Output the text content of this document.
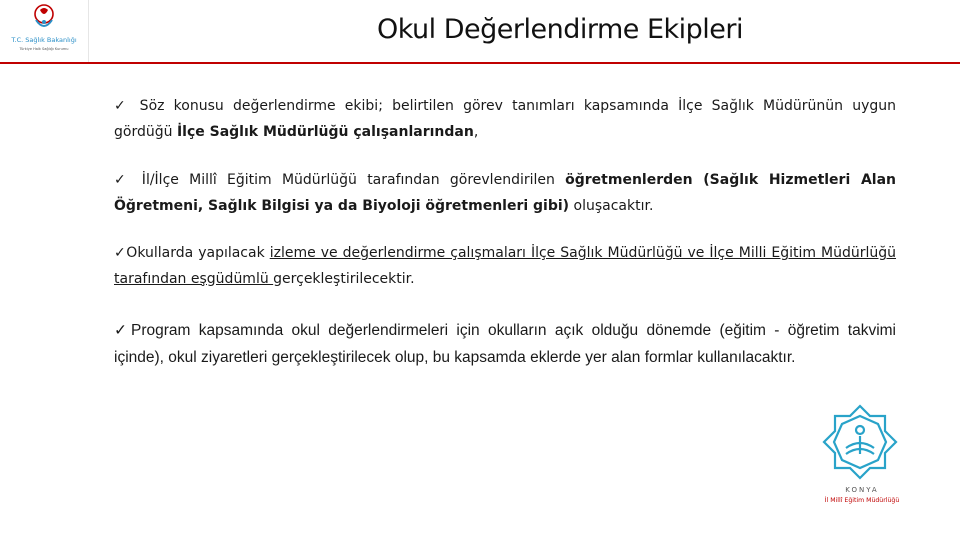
T.C. Sağlık Bakanlığı
Türkiye Halk Sağlığı Kurumu
Okul Değerlendirme Ekipleri
✓ Söz konusu değerlendirme ekibi; belirtilen görev tanımları kapsamında İlçe Sağlık Müdürünün uygun gördüğü İlçe Sağlık Müdürlüğü çalışanlarından,
✓ İl/İlçe Millî Eğitim Müdürlüğü tarafından görevlendirilen öğretmenlerden (Sağlık Hizmetleri Alan Öğretmeni, Sağlık Bilgisi ya da Biyoloji öğretmenleri gibi) oluşacaktır.
✓Okullarda yapılacak izleme ve değerlendirme çalışmaları İlçe Sağlık Müdürlüğü ve İlçe Milli Eğitim Müdürlüğü tarafından eşgüdümlü gerçekleştirilecektir.
✓Program kapsamında okul değerlendirmeleri için okulların açık olduğu dönemde (eğitim - öğretim takvimi içinde), okul ziyaretleri gerçekleştirilecek olup, bu kapsamda eklerde yer alan formlar kullanılacaktır.
KONYA
İl Millî Eğitim Müdürlüğü
